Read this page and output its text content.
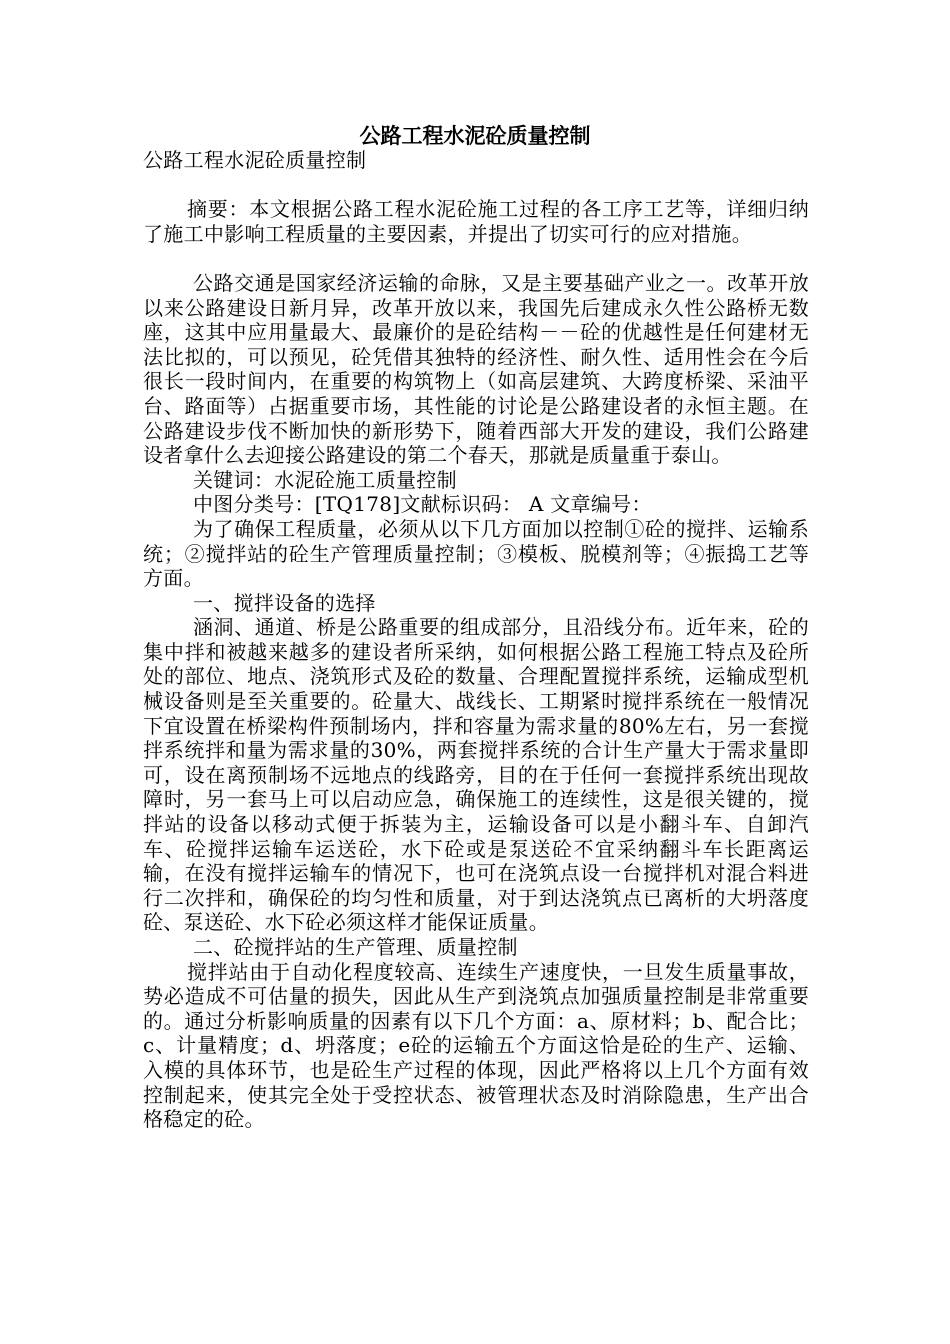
公路工程水泥砼质量控制

公路工程水泥砼质量控制

摘要：本文根据公路工程水泥砼施工过程的各工序工艺等，详细归纳了施工中影响工程质量的主要因素，并提出了切实可行的应对措施。

公路交通是国家经济运输的命脉，又是主要基础产业之一。改革开放以来公路建设日新月异，改革开放以来，我国先后建成永久性公路桥无数座，这其中应用量最大、最廉价的是砼结构－－砼的优越性是任何建材无法比拟的，可以预见，砼凭借其独特的经济性、耐久性、适用性会在今后很长一段时间内，在重要的构筑物上（如高层建筑、大跨度桥梁、采油平台、路面等）占据重要市场，其性能的讨论是公路建设者的永恒主题。在公路建设步伐不断加快的新形势下，随着西部大开发的建设，我们公路建设者拿什么去迎接公路建设的第二个春天，那就是质量重于泰山。

关键词：水泥砼施工质量控制

中图分类号：[TQ178]文献标识码： A 文章编号：

为了确保工程质量，必须从以下几方面加以控制①砼的搅拌、运输系统；②搅拌站的砼生产管理质量控制；③模板、脱模剂等；④振捣工艺等方面。

一、搅拌设备的选择

涵洞、通道、桥是公路重要的组成部分，且沿线分布。近年来，砼的集中拌和被越来越多的建设者所采纳，如何根据公路工程施工特点及砼所处的部位、地点、浇筑形式及砼的数量、合理配置搅拌系统，运输成型机械设备则是至关重要的。砼量大、战线长、工期紧时搅拌系统在一般情况下宜设置在桥梁构件预制场内，拌和容量为需求量的80%左右，另一套搅拌系统拌和量为需求量的30%，两套搅拌系统的合计生产量大于需求量即可，设在离预制场不远地点的线路旁，目的在于任何一套搅拌系统出现故障时，另一套马上可以启动应急，确保施工的连续性，这是很关键的，搅拌站的设备以移动式便于拆装为主，运输设备可以是小翻斗车、自卸汽车、砼搅拌运输车运送砼，水下砼或是泵送砼不宜采纳翻斗车长距离运输，在没有搅拌运输车的情况下，也可在浇筑点设一台搅拌机对混合料进行二次拌和，确保砼的均匀性和质量，对于到达浇筑点已离析的大坍落度砼、泵送砼、水下砼必须这样才能保证质量。

二、砼搅拌站的生产管理、质量控制

搅拌站由于自动化程度较高、连续生产速度快，一旦发生质量事故，势必造成不可估量的损失，因此从生产到浇筑点加强质量控制是非常重要的。通过分析影响质量的因素有以下几个方面：a、原材料；b、配合比；c、计量精度；d、坍落度；e砼的运输五个方面这恰是砼的生产、运输、入模的具体环节，也是砼生产过程的体现，因此严格将以上几个方面有效控制起来，使其完全处于受控状态、被管理状态及时消除隐患，生产出合格稳定的砼。
